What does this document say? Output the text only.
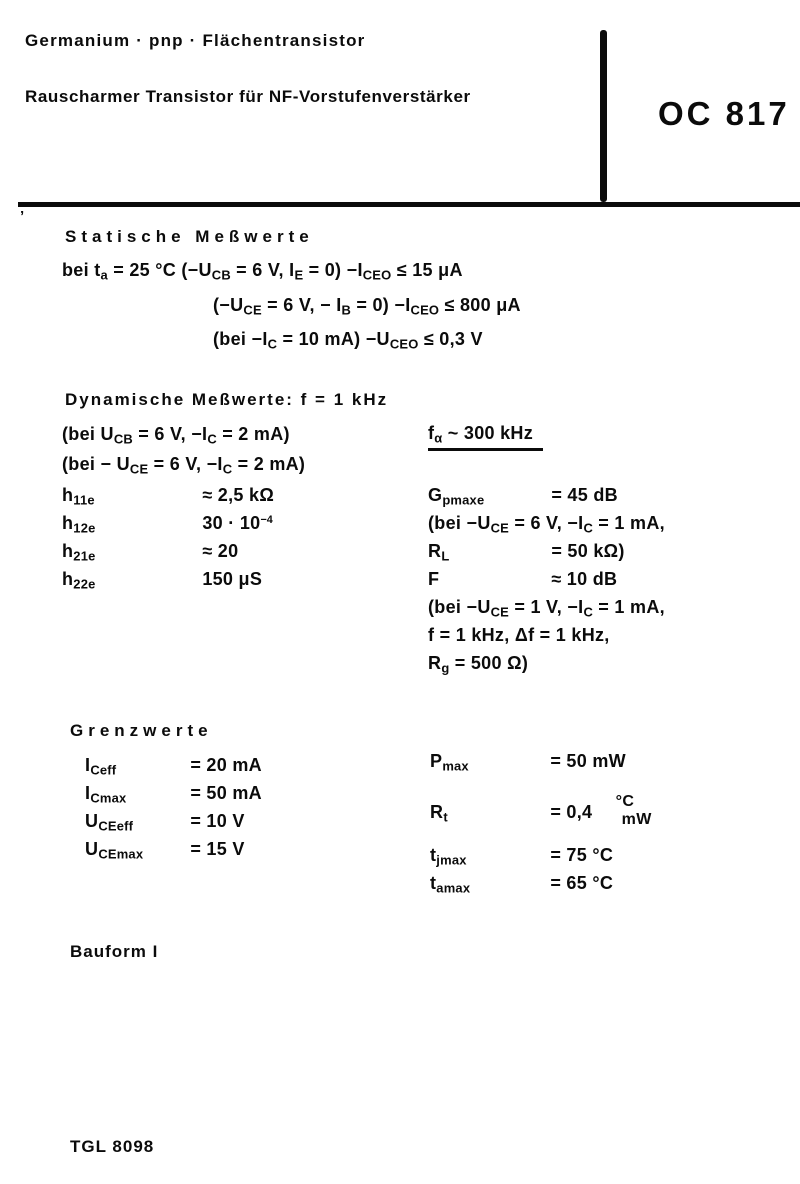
Germanium · pnp · Flächentransistor
Rauscharmer Transistor für NF-Vorstufenverstärker	OC 817
’
Statische Meßwerte
bei ta = 25 °C (−UCB = 6 V, IE = 0) −ICEO ≤ 15 μA
(−UCE = 6 V, − IB = 0) −ICEO ≤ 800 μA
(bei −IC = 10 mA) −UCEO ≤ 0,3 V
Dynamische Meßwerte: f = 1 kHz
(bei UCB = 6 V, −IC = 2 mA)
(bei − UCE = 6 V, −IC = 2 mA)
h11e	≈ 2,5 kΩ
h12e	$30 \cdot 10^{-4}$
h21e	≈ 20
h22e	150 μS
fα ~ 300 kHz
Gpmaxe	= 45 dB
(bei −UCE = 6 V, −IC = 1 mA,
RL	= 50 kΩ)
F	≈ 10 dB
(bei −UCE = 1 V, −IC = 1 mA,
f = 1 kHz, Δf = 1 kHz,
Rg = 500 Ω)
Grenzwerte
ICeff	= 20 mA
ICmax	= 50 mA
UCEeff	= 10 V
UCEmax	= 15 V
Pmax	= 50 mW
Rt	= 0,4
°C
mW
tjmax	= 75 °C
tamax	= 65 °C
Bauform I
TGL 8098
